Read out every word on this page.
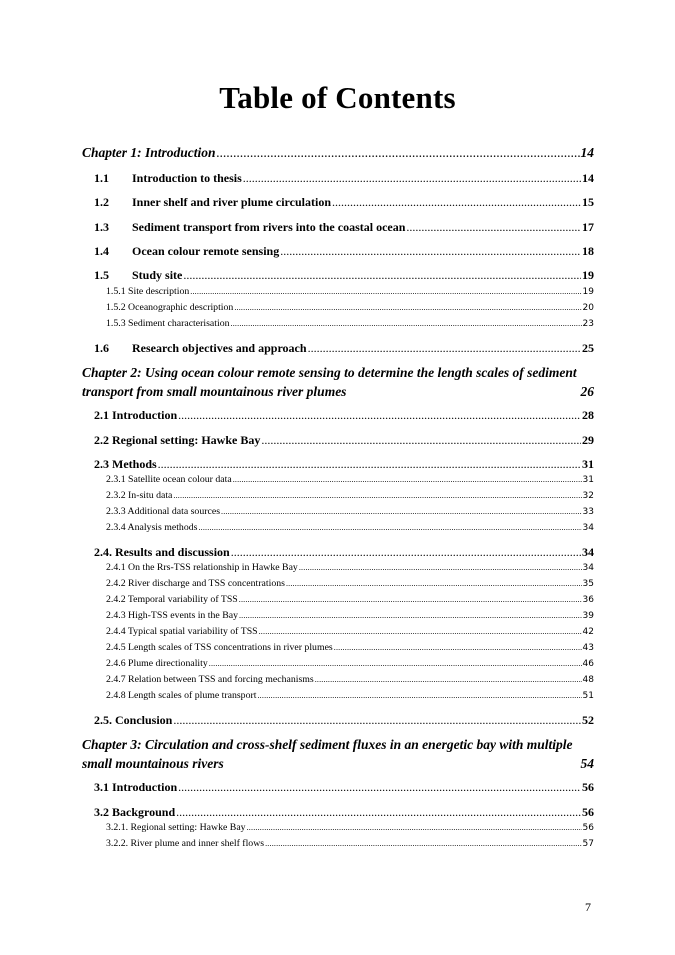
Table of Contents
Chapter 1: Introduction .....	14
1.1	Introduction to thesis .....	14
1.2	Inner shelf and river plume circulation .....	15
1.3	Sediment transport from rivers into the coastal ocean .....	17
1.4	Ocean colour remote sensing .....	18
1.5	Study site .....	19
1.5.1 Site description .....	19
1.5.2 Oceanographic description .....	20
1.5.3 Sediment characterisation .....	23
1.6	Research objectives and approach .....	25
Chapter 2: Using ocean colour remote sensing to determine the length scales of sediment
transport from small mountainous river plumes	26
2.1 Introduction .....	28
2.2 Regional setting: Hawke Bay .....	29
2.3 Methods .....	31
2.3.1 Satellite ocean colour data .....	31
2.3.2 In-situ data .....	32
2.3.3 Additional data sources .....	33
2.3.4 Analysis methods .....	34
2.4. Results and discussion .....	34
2.4.1 On the Rrs-TSS relationship in Hawke Bay .....	34
2.4.2 River discharge and TSS concentrations .....	35
2.4.2 Temporal variability of TSS .....	36
2.4.3 High-TSS events in the Bay .....	39
2.4.4 Typical spatial variability of TSS .....	42
2.4.5 Length scales of TSS concentrations in river plumes .....	43
2.4.6 Plume directionality .....	46
2.4.7 Relation between TSS and forcing mechanisms .....	48
2.4.8 Length scales of plume transport .....	51
2.5. Conclusion .....	52
Chapter 3: Circulation and cross-shelf sediment fluxes in an energetic bay with multiple
small mountainous rivers	54
3.1 Introduction .....	56
3.2 Background .....	56
3.2.1. Regional setting: Hawke Bay .....	56
3.2.2. River plume and inner shelf flows .....	57
7
